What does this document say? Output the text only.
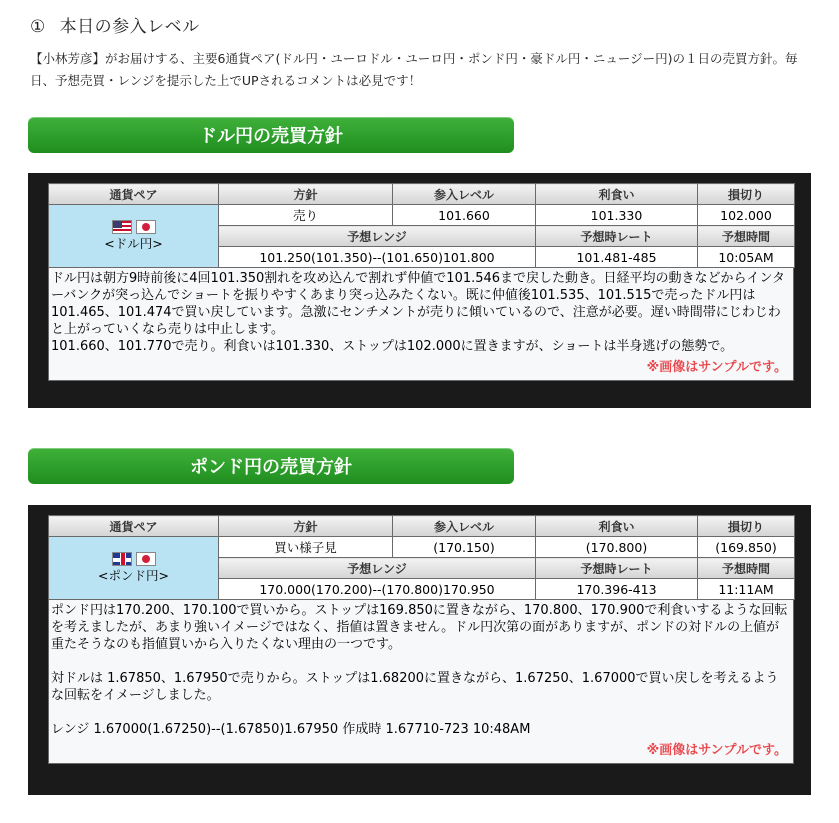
① 本日の参入レベル
【小林芳彦】がお届けする、主要6通貨ペア(ドル円・ユーロドル・ユーロ円・ポンド円・豪ドル円・ニュージー円)の１日の売買方針。毎日、予想売買・レンジを提示した上でUPされるコメントは必見です！
ドル円の売買方針
通貨ペア	方針	参入レベル	利食い	損切り

<ドル円>	売り	101.660	101.330	102.000
	予想レンジ		予想時レート	予想時間
	101.250(101.350)--(101.650)101.800		101.481-485	10:05AM

ドル円は朝方9時前後に4回101.350割れを攻め込んで割れず仲値で101.546まで戻した動き。日経平均の動きなどからインターバンクが突っ込んでショートを振りやすくあまり突っ込みたくない。既に仲値後101.535、101.515で売ったドル円は101.465、101.474で買い戻しています。急激にセンチメントが売りに傾いているので、注意が必要。遅い時間帯にじわじわと上がっていくなら売りは中止します。

101.660、101.770で売り。利食いは101.330、ストップは102.000に置きますが、ショートは半身逃げの態勢で。

※画像はサンプルです。
ポンド円の売買方針
通貨ペア	方針	参入レベル	利食い	損切り

<ポンド円>	買い様子見	(170.150)	(170.800)	(169.850)
	予想レンジ		予想時レート	予想時間
	170.000(170.200)--(170.800)170.950		170.396-413	11:11AM

ポンド円は170.200、170.100で買いから。ストップは169.850に置きながら、170.800、170.900で利食いするような回転を考えましたが、あまり強いイメージではなく、指値は置きません。ドル円次第の面がありますが、ポンドの対ドルの上値が重たそうなのも指値買いから入りたくない理由の一つです。

対ドルは 1.67850、1.67950で売りから。ストップは1.68200に置きながら、1.67250、1.67000で買い戻しを考えるような回転をイメージしました。

レンジ 1.67000(1.67250)--(1.67850)1.67950 作成時 1.67710-723 10:48AM

※画像はサンプルです。
